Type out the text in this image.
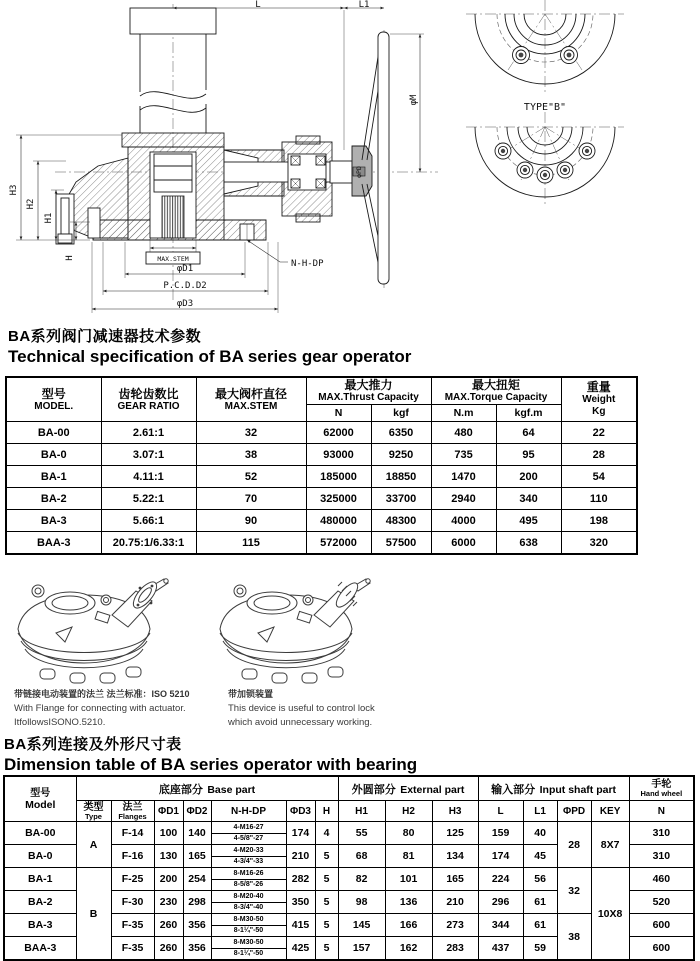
L	L1
H3
H2
H1
H	MAX.STEM
φD1
P.C.D.D2
φD3
N-H-DP
φM
φPD
TYPE"B"
BA系列阀门减速器技术参数
Technical specification of BA series gear operator
型号
MODEL.

齿轮齿数比
GEAR RATIO

最大阀杆直径
MAX.STEM

最大推力
MAX.Thrust Capacity

最大扭矩
MAX.Torque Capacity

重量
Weight
Kg

			N	kgf	N.m	kgf.m	
BA-00	2.61:1	32	62000	6350	480	64	22
BA-0	3.07:1	38	93000	9250	735	95	28
BA-1	4.11:1	52	185000	18850	1470	200	54
BA-2	5.22:1	70	325000	33700	2940	340	110
BA-3	5.66:1	90	480000	48300	4000	495	198
BAA-3	20.75:1/6.33:1	115	572000	57500	6000	638	320
带链接电动装置的法兰 法兰标准：ISO 5210
With Flange for connecting with actuator.
ItfollowsISONO.5210.
带加锁装置
This device is useful to control lock
which avoid unnecessary working.
BA系列连接及外形尺寸表
Dimension table of BA series operator with bearing
型号
Model
	底座部分 Base part	外圆部分 External part	输入部分 Input shaft part	手轮
Hand wheel

类型
Type

法兰
Flanges	ΦD1	ΦD2	N-H-DP	ΦD3	H	H1	H2	H3	L	L1	ΦPD	KEY	N
BA-00	A	F-14	100	140	4-M16-27
4-5/8"-27	174	4	55	80	125	159	40	28	8X7	310
BA-0		F-16	130	165	4-M20-33
4-3/4"-33	210	5	68	81	134	174	45			310
BA-1	B	F-25	200	254	8-M16-26
8-5/8"-26	282	5	82	101	165	224	56	32	10X8	460
BA-2		F-30	230	298	8-M20-40
8-3/4"-40	350	5	98	136	210	296	61			520
BA-3		F-35	260	356	8-M30-50
8-1¼"-50	415	5	145	166	273	344	61	38		600
BAA-3		F-35	260	356	8-M30-50
8-1¼"-50	425	5	157	162	283	437	59			600
